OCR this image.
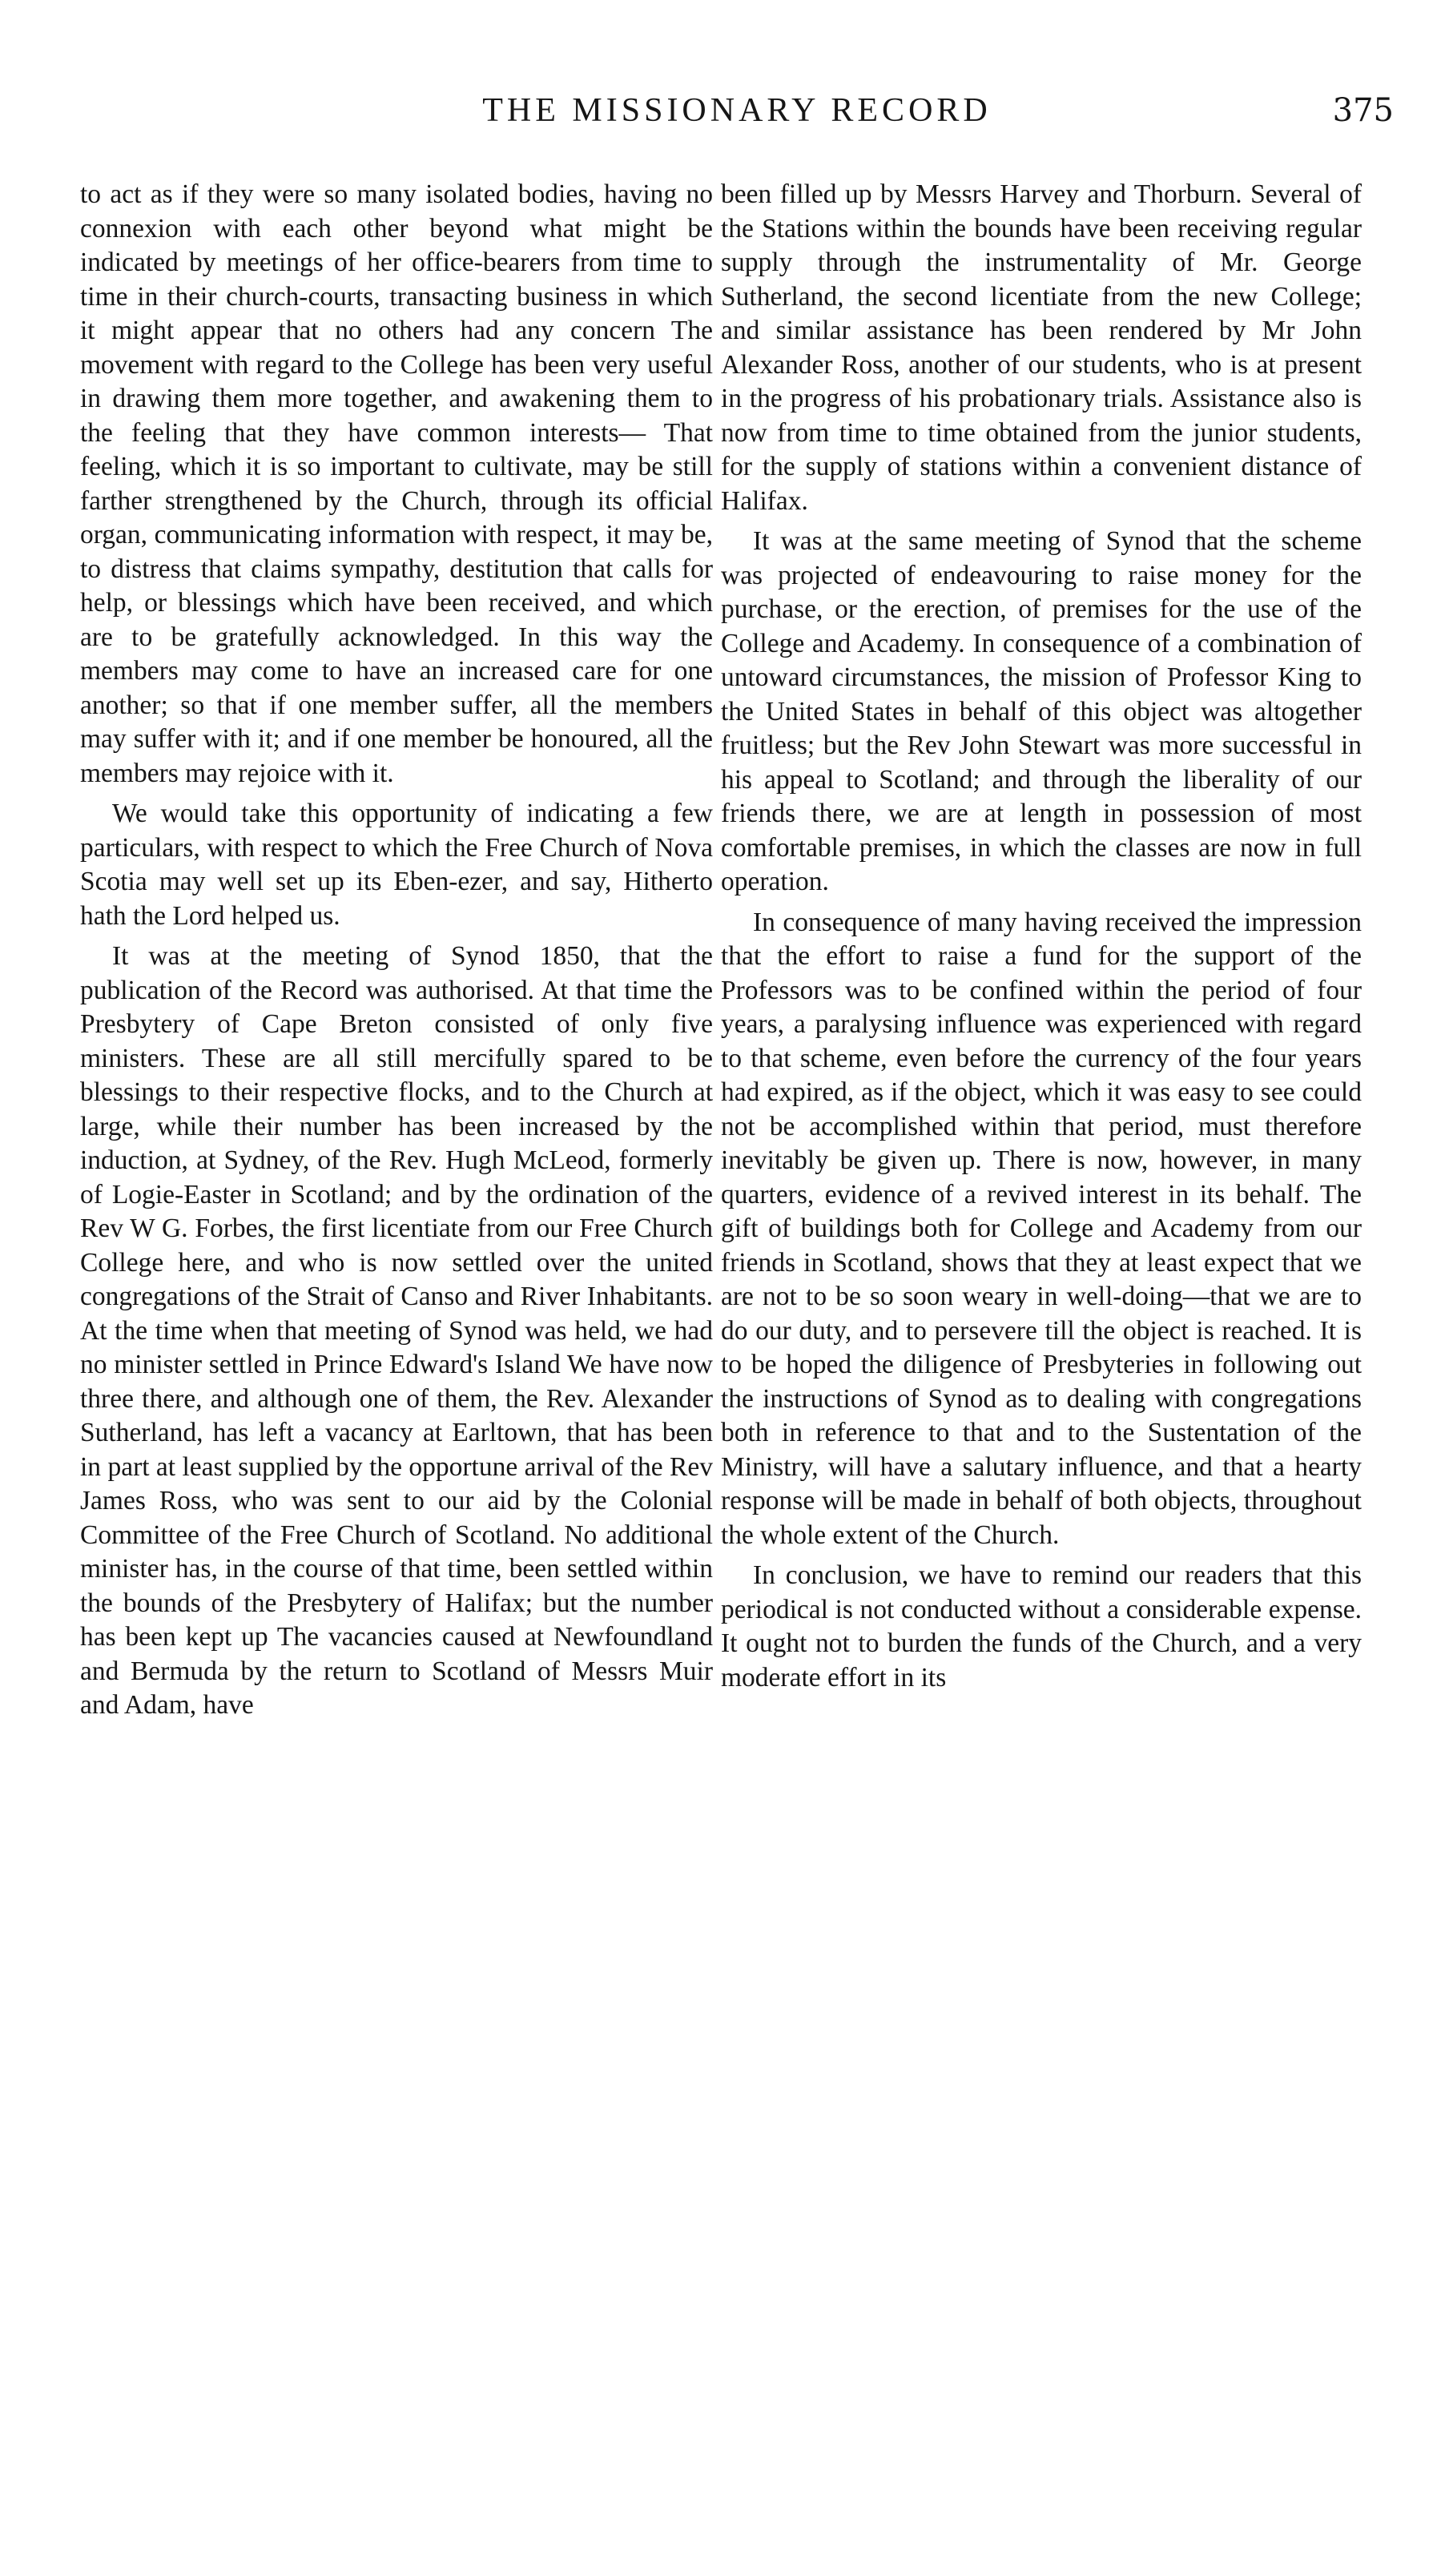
THE MISSIONARY RECORD	375

to act as if they were so many isolated bodies, having no connexion with each other beyond what might be indicated by meetings of her office-bearers from time to time in their church-courts, transacting business in which it might appear that no others had any concern The movement with regard to the College has been very useful in drawing them more together, and awakening them to the feeling that they have common interests— That feeling, which it is so important to cultivate, may be still farther strengthened by the Church, through its official organ, communicating information with respect, it may be, to distress that claims sympathy, destitution that calls for help, or blessings which have been received, and which are to be gratefully acknowledged. In this way the members may come to have an increased care for one another; so that if one member suffer, all the members may suffer with it; and if one member be honoured, all the members may rejoice with it.

We would take this opportunity of indicating a few particulars, with respect to which the Free Church of Nova Scotia may well set up its Eben-ezer, and say, Hitherto hath the Lord helped us.

It was at the meeting of Synod 1850, that the publication of the Record was authorised. At that time the Presbytery of Cape Breton consisted of only five ministers. These are all still mercifully spared to be blessings to their respective flocks, and to the Church at large, while their number has been increased by the induction, at Sydney, of the Rev. Hugh McLeod, formerly of Logie-Easter in Scotland; and by the ordination of the Rev W G. Forbes, the first licentiate from our Free Church College here, and who is now settled over the united congregations of the Strait of Canso and River Inhabitants. At the time when that meeting of Synod was held, we had no minister settled in Prince Edward's Island We have now three there, and although one of them, the Rev. Alexander Sutherland, has left a vacancy at Earltown, that has been in part at least supplied by the opportune arrival of the Rev James Ross, who was sent to our aid by the Colonial Committee of the Free Church of Scotland. No additional minister has, in the course of that time, been settled within the bounds of the Presbytery of Halifax; but the number has been kept up The vacancies caused at Newfoundland and Bermuda by the return to Scotland of Messrs Muir and Adam, have

been filled up by Messrs Harvey and Thorburn. Several of the Stations within the bounds have been receiving regular supply through the instrumentality of Mr. George Sutherland, the second licentiate from the new College; and similar assistance has been rendered by Mr John Alexander Ross, another of our students, who is at present in the progress of his probationary trials. Assistance also is now from time to time obtained from the junior students, for the supply of stations within a convenient distance of Halifax.

It was at the same meeting of Synod that the scheme was projected of endeavouring to raise money for the purchase, or the erection, of premises for the use of the College and Academy. In consequence of a combination of untoward circumstances, the mission of Professor King to the United States in behalf of this object was altogether fruitless; but the Rev John Stewart was more successful in his appeal to Scotland; and through the liberality of our friends there, we are at length in possession of most comfortable premises, in which the classes are now in full operation.

In consequence of many having received the impression that the effort to raise a fund for the support of the Professors was to be confined within the period of four years, a paralysing influence was experienced with regard to that scheme, even before the currency of the four years had expired, as if the object, which it was easy to see could not be accomplished within that period, must therefore inevitably be given up. There is now, however, in many quarters, evidence of a revived interest in its behalf. The gift of buildings both for College and Academy from our friends in Scotland, shows that they at least expect that we are not to be so soon weary in well-doing—that we are to do our duty, and to persevere till the object is reached. It is to be hoped the diligence of Presbyteries in following out the instructions of Synod as to dealing with congregations both in reference to that and to the Sustentation of the Ministry, will have a salutary influence, and that a hearty response will be made in behalf of both objects, throughout the whole extent of the Church.

In conclusion, we have to remind our readers that this periodical is not conducted without a considerable expense. It ought not to burden the funds of the Church, and a very moderate effort in its
